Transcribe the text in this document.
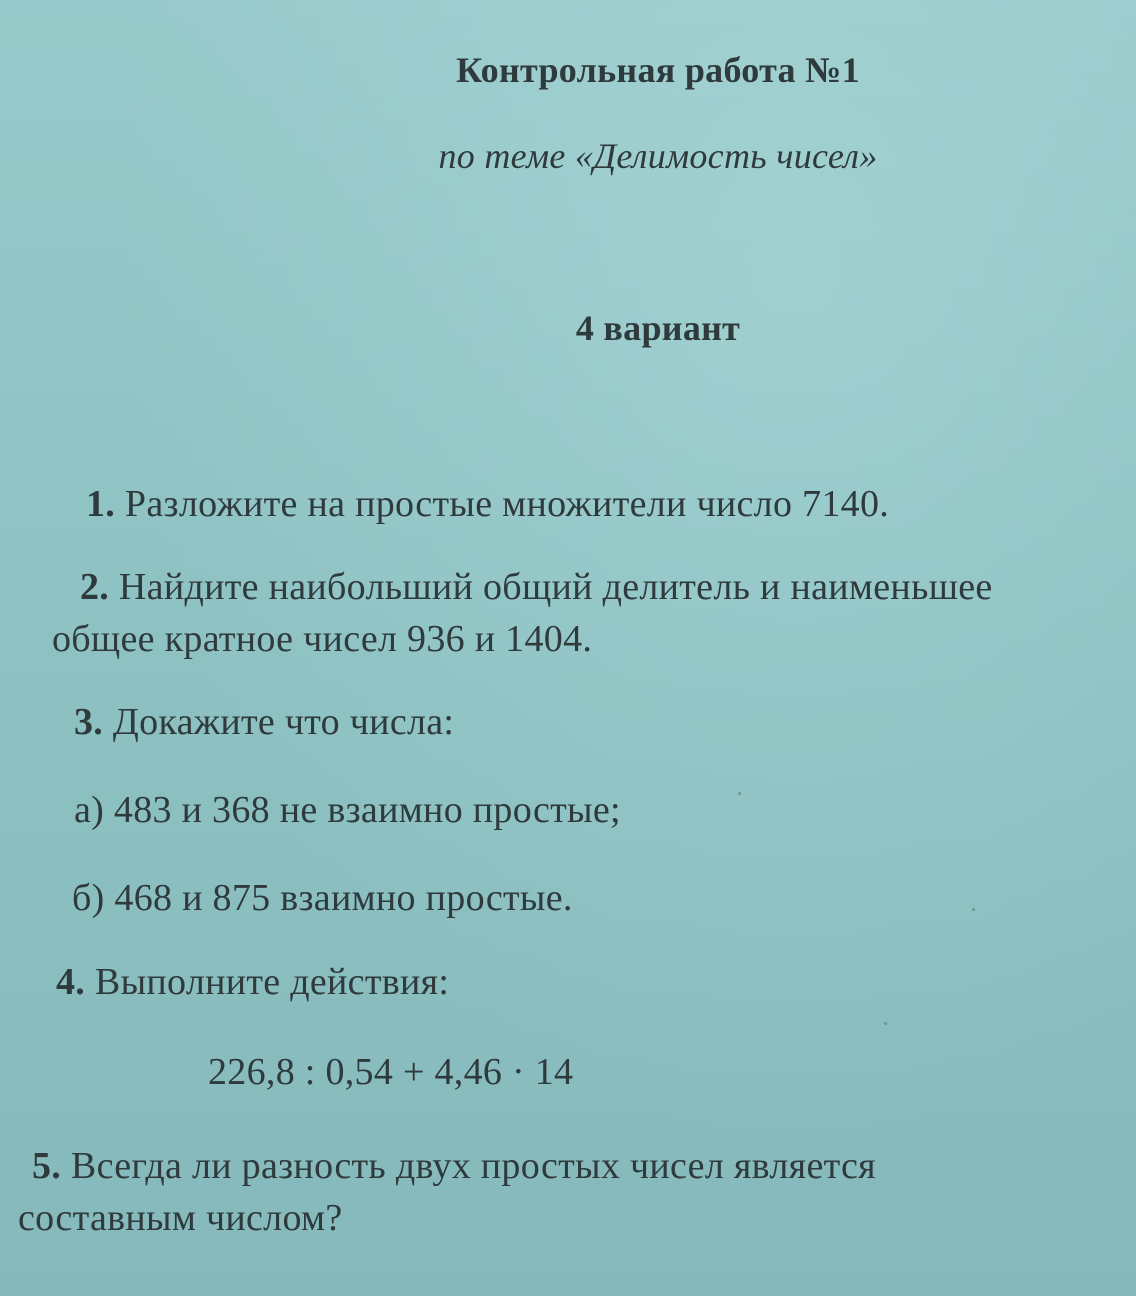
Контрольная работа №1
по теме «Делимость чисел»
4 вариант
1. Разложите на простые множители число 7140.
2. Найдите наибольший общий делитель и наименьшее
общее кратное чисел 936 и 1404.
3. Докажите что числа:
а) 483 и 368 не взаимно простые;
б) 468 и 875 взаимно простые.
4. Выполните действия:
226,8 : 0,54 + 4,46 · 14
5. Всегда ли разность двух простых чисел является
составным числом?
